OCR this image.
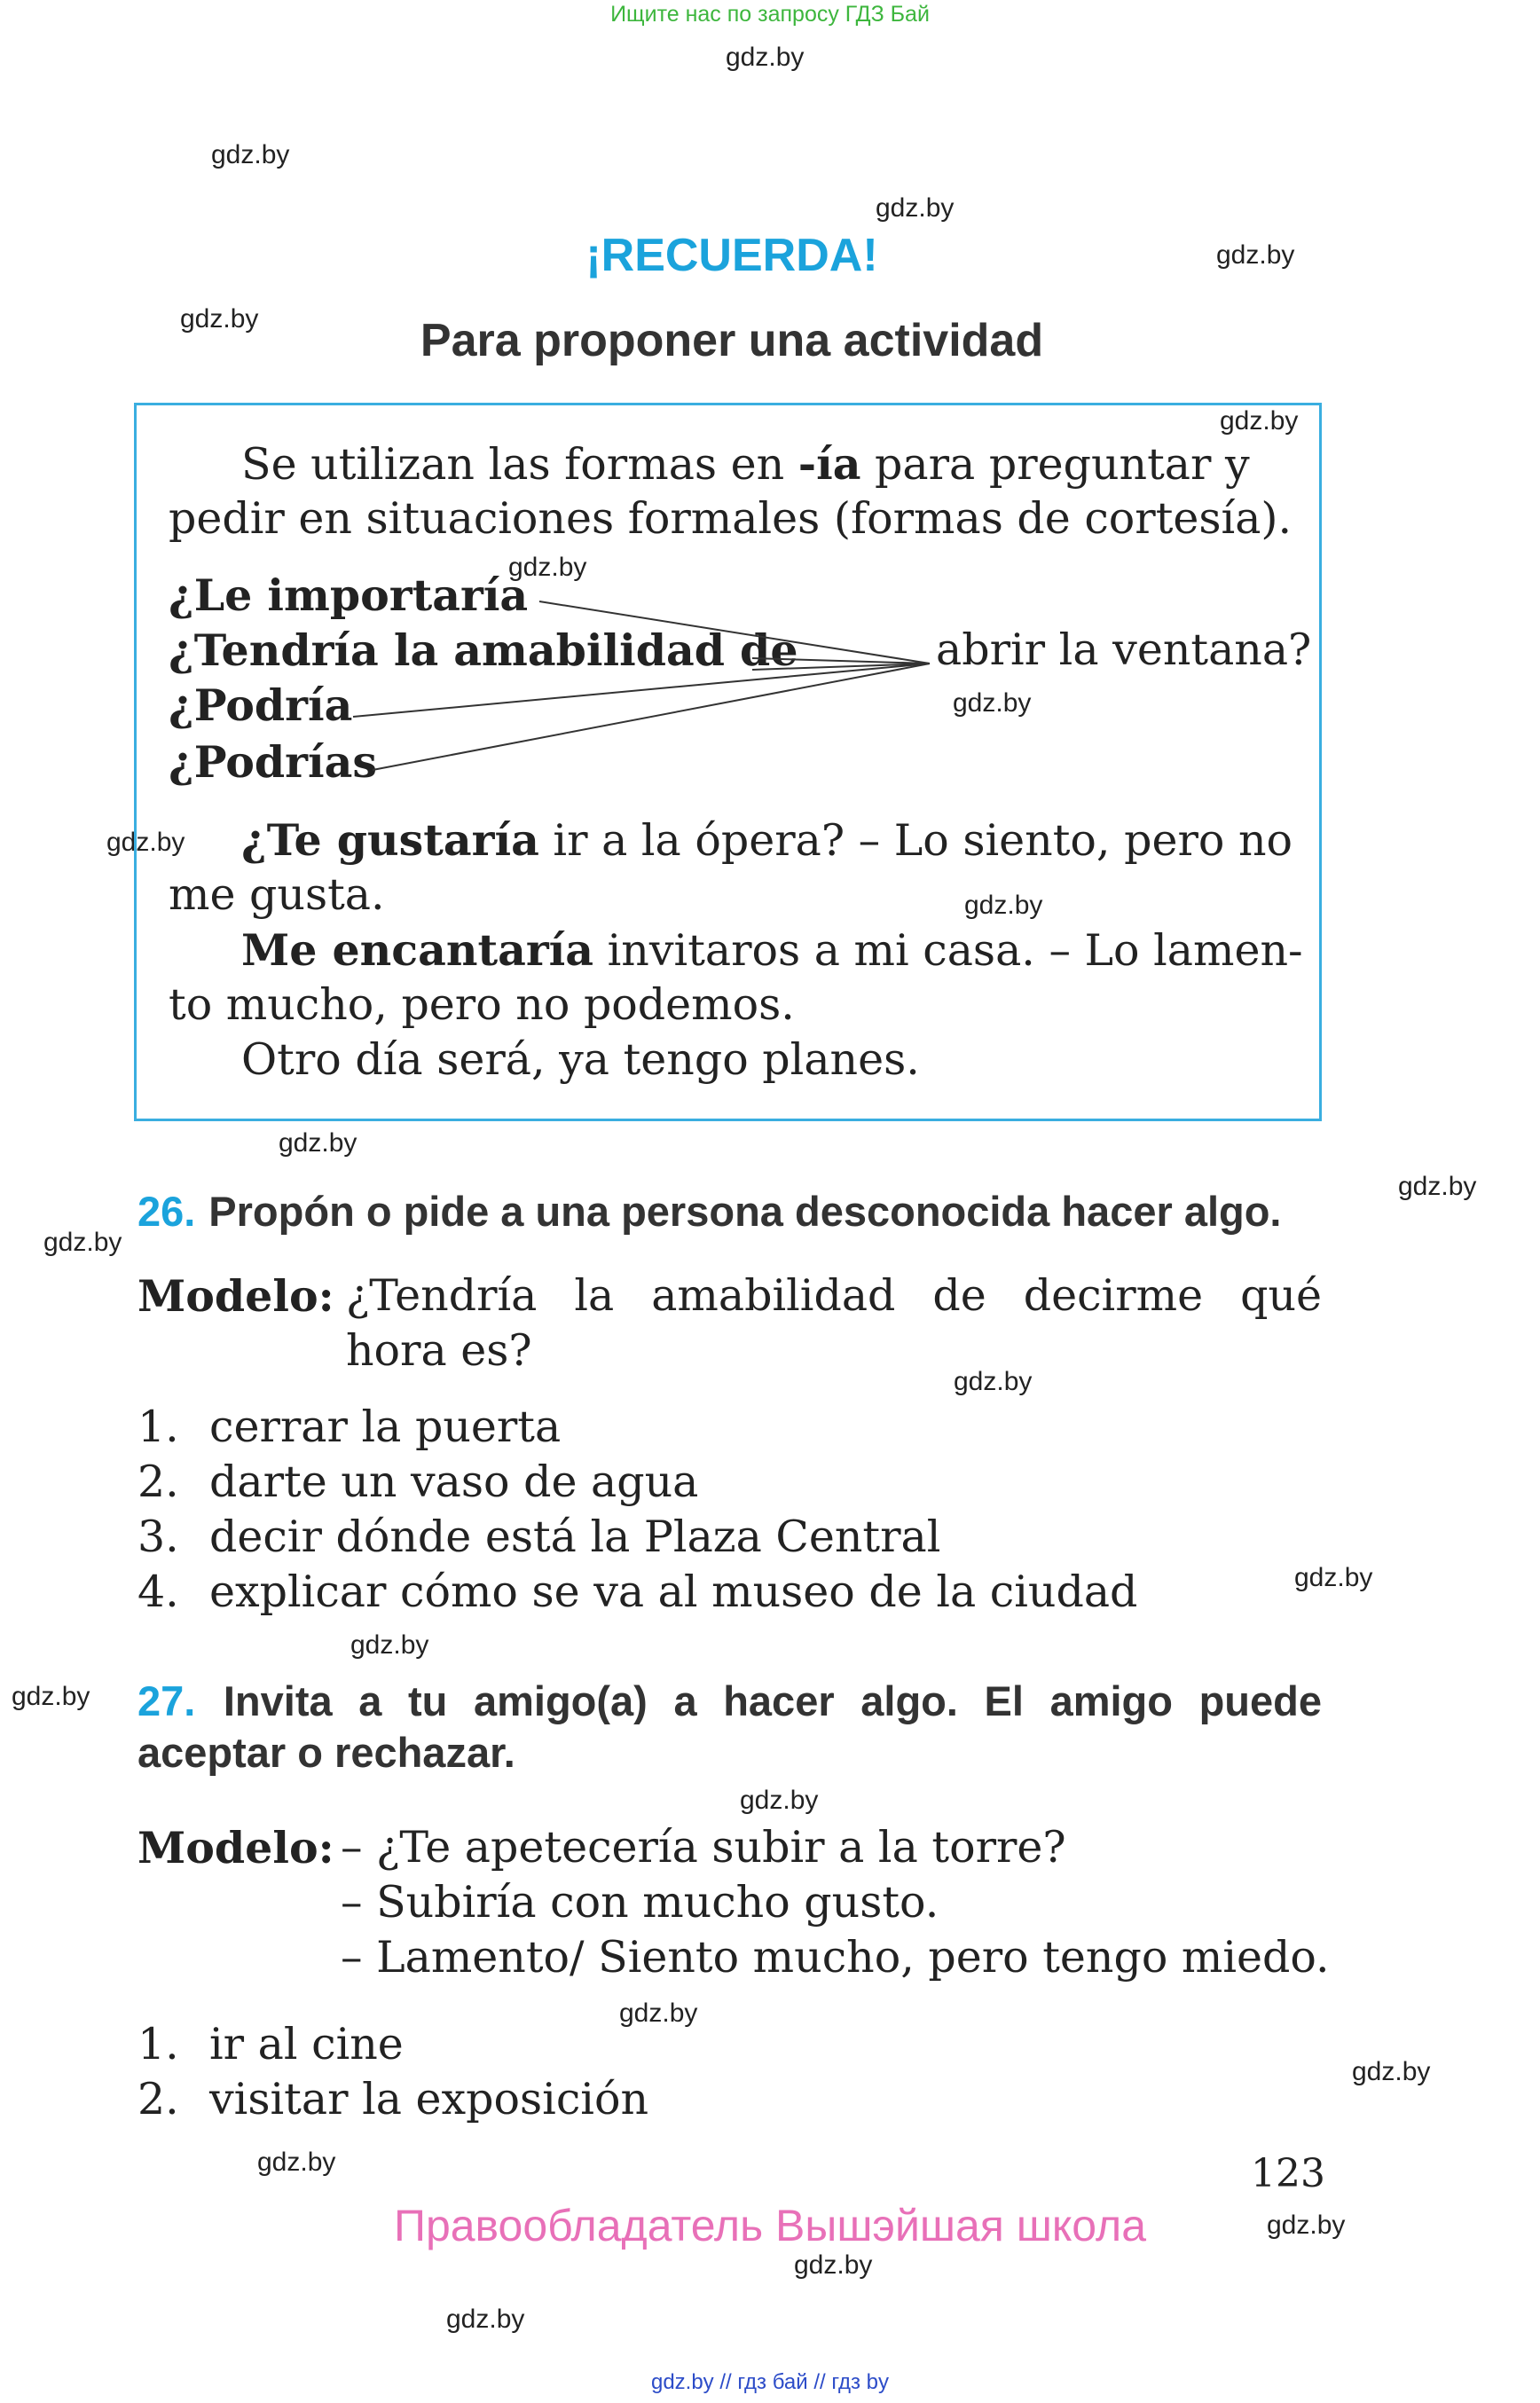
Ищите нас по запросу ГДЗ Бай
gdz.by
gdz.by
gdz.by
gdz.by
gdz.by
gdz.by
gdz.by
gdz.by
gdz.by
gdz.by
gdz.by
gdz.by
gdz.by
gdz.by
gdz.by
gdz.by
gdz.by
gdz.by
gdz.by
gdz.by
gdz.by
gdz.by
gdz.by
gdz.by
¡RECUERDA!
Para proponer una actividad
Se utilizan las formas en -ía para preguntar y
pedir en situaciones formales (formas de cortesía).
¿Le importaría
¿Tendría la amabilidad de
¿Podría
¿Podrías
abrir la ventana?
¿Te gustaría ir a la ópera? – Lo siento, pero no
me gusta.
Me encantaría invitaros a mi casa. – Lo lamen-
to mucho, pero no podemos.
Otro día será, ya tengo planes.
26. Propón o pide a una persona desconocida hacer algo.
Modelo: ¿Tendría la amabilidad de decirme qué
hora es?
1. cerrar la puerta
2. darte un vaso de agua
3. decir dónde está la Plaza Central
4. explicar cómo se va al museo de la ciudad
27. Invita a tu amigo(a) a hacer algo. El amigo puede
aceptar o rechazar.
Modelo: – ¿Te apetecería subir a la torre?
– Subiría con mucho gusto.
– Lamento/ Siento mucho, pero tengo miedo.
1. ir al cine
2. visitar la exposición
123
Правообладатель Вышэйшая школа
gdz.by // гдз бай // гдз by
